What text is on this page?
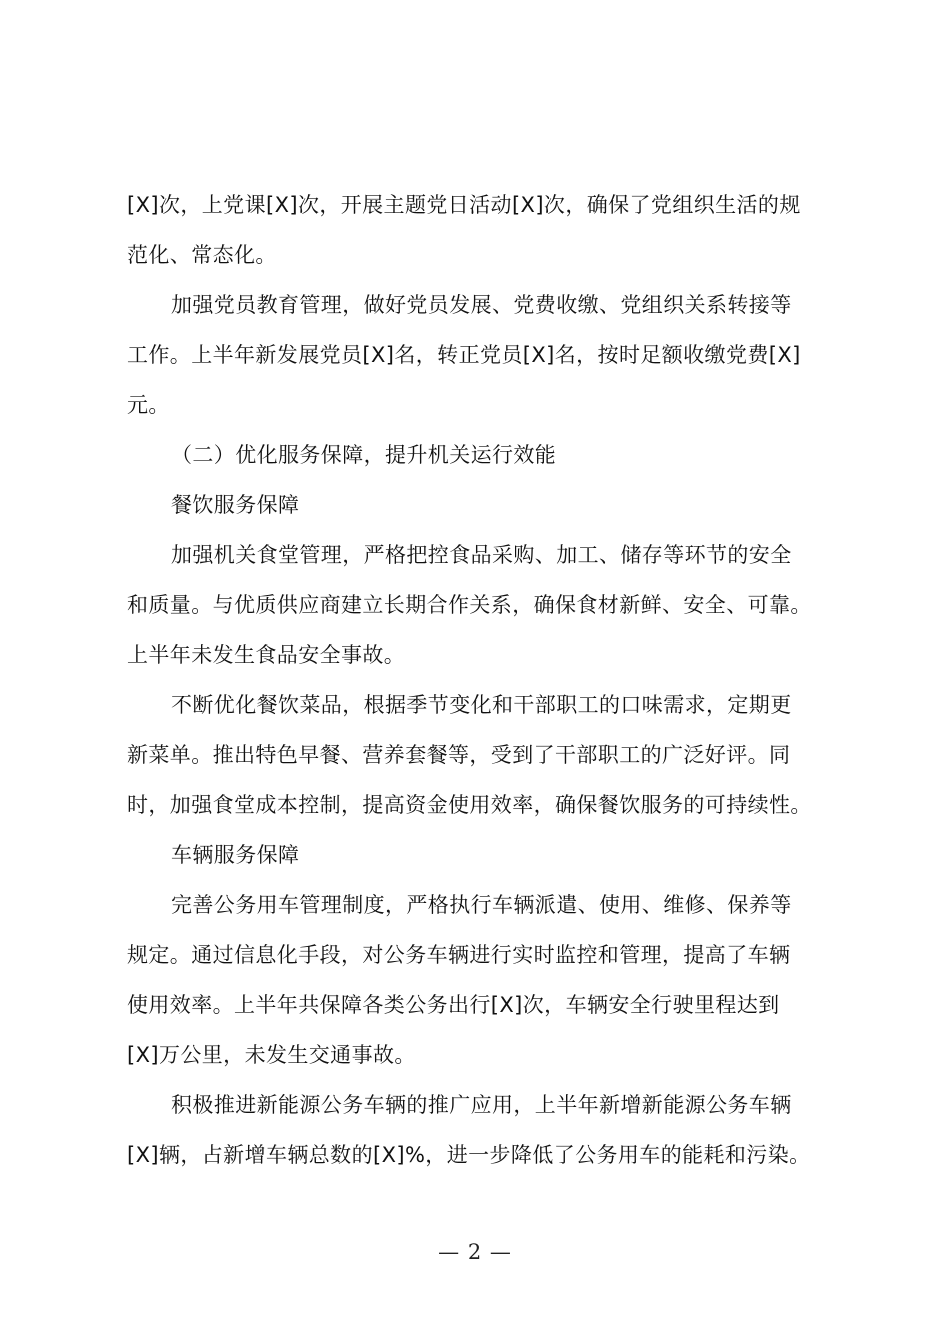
[X]次，上党课[X]次，开展主题党日活动[X]次，确保了党组织生活的规
范化、常态化。
加强党员教育管理，做好党员发展、党费收缴、党组织关系转接等
工作。上半年新发展党员[X]名，转正党员[X]名，按时足额收缴党费[X]
元。
（二）优化服务保障，提升机关运行效能
餐饮服务保障
加强机关食堂管理，严格把控食品采购、加工、储存等环节的安全
和质量。与优质供应商建立长期合作关系，确保食材新鲜、安全、可靠。
上半年未发生食品安全事故。
不断优化餐饮菜品，根据季节变化和干部职工的口味需求，定期更
新菜单。推出特色早餐、营养套餐等，受到了干部职工的广泛好评。同
时，加强食堂成本控制，提高资金使用效率，确保餐饮服务的可持续性。
车辆服务保障
完善公务用车管理制度，严格执行车辆派遣、使用、维修、保养等
规定。通过信息化手段，对公务车辆进行实时监控和管理，提高了车辆
使用效率。上半年共保障各类公务出行[X]次，车辆安全行驶里程达到
[X]万公里，未发生交通事故。
积极推进新能源公务车辆的推广应用，上半年新增新能源公务车辆
[X]辆，占新增车辆总数的[X]%，进一步降低了公务用车的能耗和污染。
— 2 —
